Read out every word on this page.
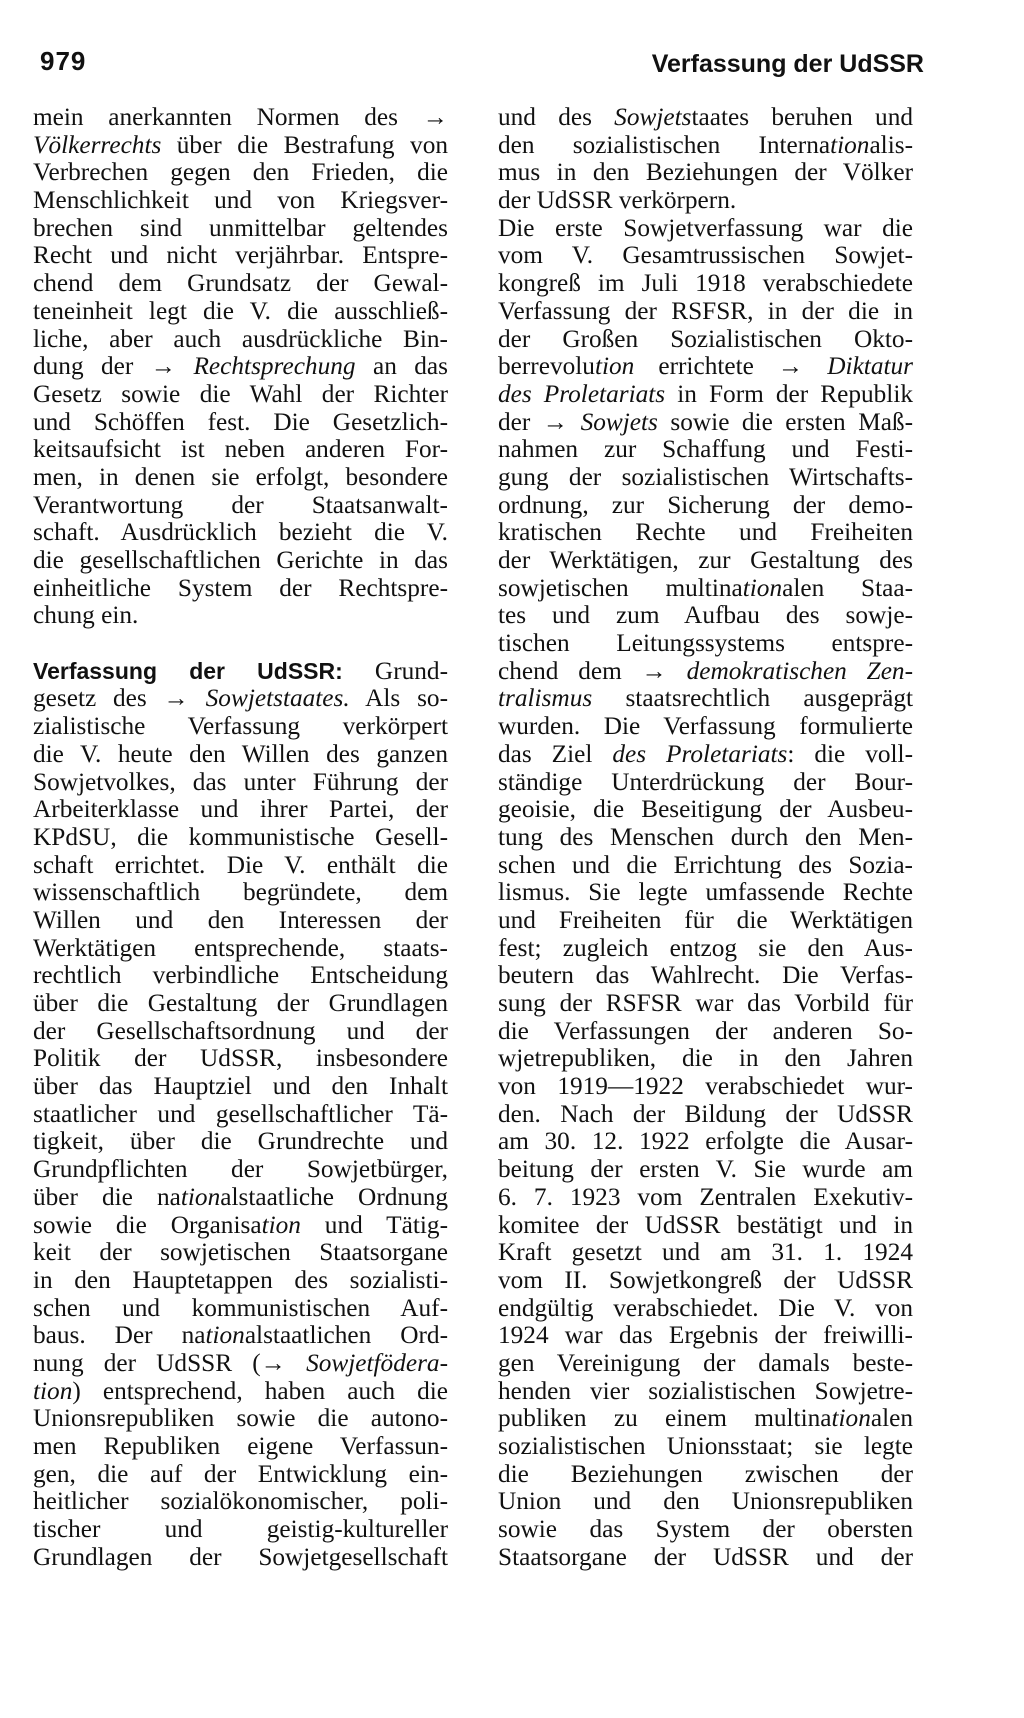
979	Verfassung der UdSSR
mein anerkannten Normen des →
Völkerrechts über die Bestrafung von
Verbrechen gegen den Frieden, die
Menschlichkeit und von Kriegsver-
brechen sind unmittelbar geltendes
Recht und nicht verjährbar. Entspre-
chend dem Grundsatz der Gewal-
teneinheit legt die V. die ausschließ-
liche, aber auch ausdrückliche Bin-
dung der → Rechtsprechung an das
Gesetz sowie die Wahl der Richter
und Schöffen fest. Die Gesetzlich-
keitsaufsicht ist neben anderen For-
men, in denen sie erfolgt, besondere
Verantwortung der Staatsanwalt-
schaft. Ausdrücklich bezieht die V.
die gesellschaftlichen Gerichte in das
einheitliche System der Rechtspre-
chung ein.
Verfassung der UdSSR: Grund-
gesetz des → Sowjetstaates. Als so-
zialistische Verfassung verkörpert
die V. heute den Willen des ganzen
Sowjetvolkes, das unter Führung der
Arbeiterklasse und ihrer Partei, der
KPdSU, die kommunistische Gesell-
schaft errichtet. Die V. enthält die
wissenschaftlich begründete, dem
Willen und den Interessen der
Werktätigen entsprechende, staats-
rechtlich verbindliche Entscheidung
über die Gestaltung der Grundlagen
der Gesellschaftsordnung und der
Politik der UdSSR, insbesondere
über das Hauptziel und den Inhalt
staatlicher und gesellschaftlicher Tä-
tigkeit, über die Grundrechte und
Grundpflichten der Sowjetbürger,
über die nationalstaatliche Ordnung
sowie die Organisation und Tätig-
keit der sowjetischen Staatsorgane
in den Hauptetappen des sozialisti-
schen und kommunistischen Auf-
baus. Der nationalstaatlichen Ord-
nung der UdSSR (→ Sowjetfödera-
tion) entsprechend, haben auch die
Unionsrepubliken sowie die autono-
men Republiken eigene Verfassun-
gen, die auf der Entwicklung ein-
heitlicher sozialökonomischer, poli-
tischer und geistig-kultureller
Grundlagen der Sowjetgesellschaft
und des Sowjetstaates beruhen und
den sozialistischen Internationalis-
mus in den Beziehungen der Völker
der UdSSR verkörpern.
Die erste Sowjetverfassung war die
vom V. Gesamtrussischen Sowjet-
kongreß im Juli 1918 verabschiedete
Verfassung der RSFSR, in der die in
der Großen Sozialistischen Okto-
berrevolution errichtete → Diktatur
des Proletariats in Form der Republik
der → Sowjets sowie die ersten Maß-
nahmen zur Schaffung und Festi-
gung der sozialistischen Wirtschafts-
ordnung, zur Sicherung der demo-
kratischen Rechte und Freiheiten
der Werktätigen, zur Gestaltung des
sowjetischen multinationalen Staa-
tes und zum Aufbau des sowje-
tischen Leitungssystems entspre-
chend dem → demokratischen Zen-
tralismus staatsrechtlich ausgeprägt
wurden. Die Verfassung formulierte
das Ziel des Proletariats: die voll-
ständige Unterdrückung der Bour-
geoisie, die Beseitigung der Ausbeu-
tung des Menschen durch den Men-
schen und die Errichtung des Sozia-
lismus. Sie legte umfassende Rechte
und Freiheiten für die Werktätigen
fest; zugleich entzog sie den Aus-
beutern das Wahlrecht. Die Verfas-
sung der RSFSR war das Vorbild für
die Verfassungen der anderen So-
wjetrepubliken, die in den Jahren
von 1919—1922 verabschiedet wur-
den. Nach der Bildung der UdSSR
am 30. 12. 1922 erfolgte die Ausar-
beitung der ersten V. Sie wurde am
6. 7. 1923 vom Zentralen Exekutiv-
komitee der UdSSR bestätigt und in
Kraft gesetzt und am 31. 1. 1924
vom II. Sowjetkongreß der UdSSR
endgültig verabschiedet. Die V. von
1924 war das Ergebnis der freiwilli-
gen Vereinigung der damals beste-
henden vier sozialistischen Sowjetre-
publiken zu einem multinationalen
sozialistischen Unionsstaat; sie legte
die Beziehungen zwischen der
Union und den Unionsrepubliken
sowie das System der obersten
Staatsorgane der UdSSR und der
